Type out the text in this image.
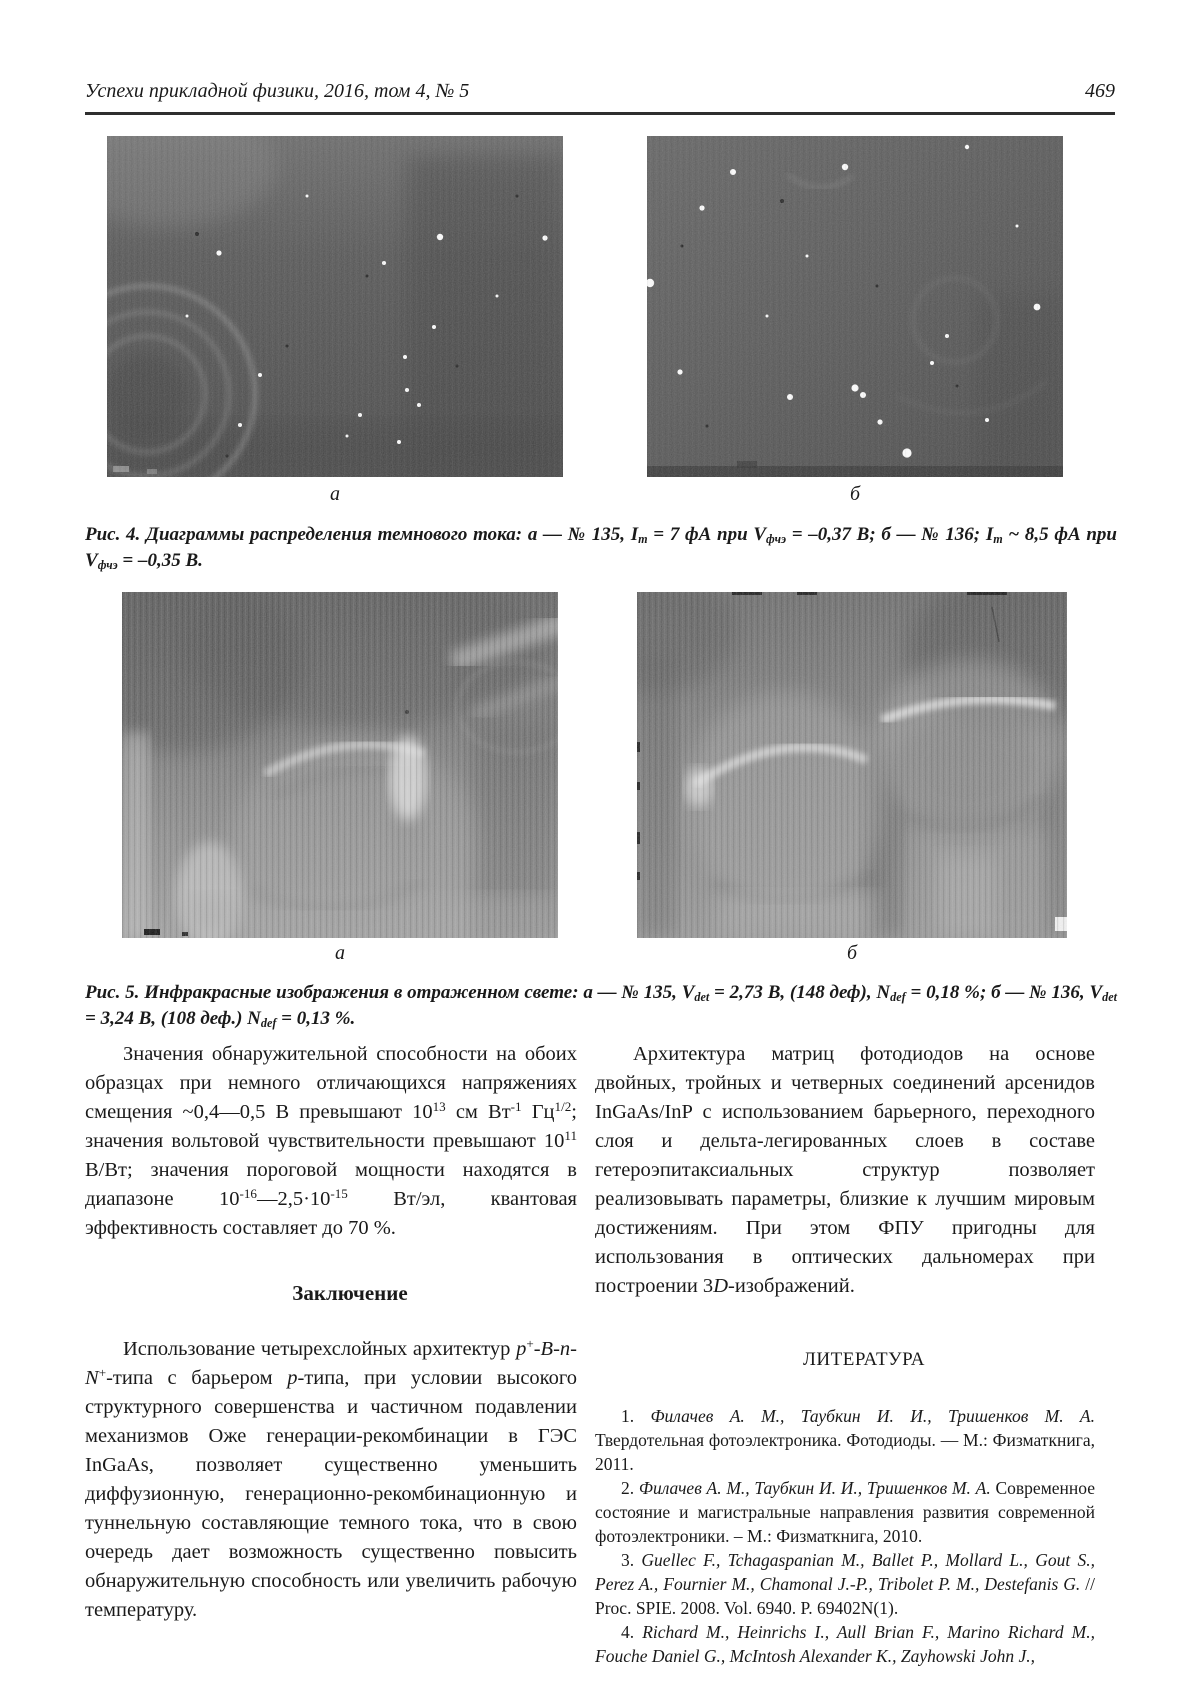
Успехи прикладной физики, 2016, том 4, № 5	469
а	б
Рис. 4. Диаграммы распределения темнового тока: а — № 135, Im = 7 фА при Vфчэ = –0,37 В; б — № 136; Im ~ 8,5 фА при Vфчэ = –0,35 В.
а	б
Рис. 5. Инфракрасные изображения в отраженном свете: а — № 135, Vdet = 2,73 В, (148 деф), Ndef = 0,18 %; б — № 136, Vdet = 3,24 В, (108 деф.) Ndef = 0,13 %.

Значения обнаружительной способности на обоих образцах при немного отличающихся напряжениях смещения ~0,4—0,5 В превышают $10^{13}$ см $Вт^{-1}$ $Гц^{1/2}$; значения вольтовой чувствительности превышают $10^{11}$ В/Вт; значения пороговой мощности находятся в диапазоне $10^{-16}—2,5\cdot 10^{-15}$ Вт/эл, квантовая эффективность составляет до 70 %.

Заключение

Использование четырехслойных архитектур p+-B-n-N+-типа с барьером p-типа, при условии высокого структурного совершенства и частичном подавлении механизмов Оже генерации-рекомбинации в ГЭС InGaAs, позволяет существенно уменьшить диффузионную, генерационно-рекомбинационную и туннельную составляющие темного тока, что в свою очередь дает возможность существенно повысить обнаружительную способность или увеличить рабочую температуру.

Архитектура матриц фотодиодов на основе двойных, тройных и четверных соединений арсенидов InGaAs/InP с использованием барьерного, переходного слоя и дельта-легированных слоев в составе гетероэпитаксиальных структур позволяет реализовывать параметры, близкие к лучшим мировым достижениям. При этом ФПУ пригодны для использования в оптических дальномерах при построении 3D-изображений.

ЛИТЕРАТУРА

1. Филачев А. М., Таубкин И. И., Тришенков М. А. Твердотельная фотоэлектроника. Фотодиоды. — М.: Физматкнига, 2011.

2. Филачев А. М., Таубкин И. И., Тришенков М. А. Современное состояние и магистральные направления развития современной фотоэлектроники. – М.: Физматкнига, 2010.

3. Guellec F., Tchagaspanian M., Ballet P., Mollard L., Gout S., Perez A., Fournier M., Chamonal J.-P., Tribolet P. M., Destefanis G. // Proc. SPIE. 2008. Vol. 6940. P. 69402N(1).

4. Richard M., Heinrichs I., Aull Brian F., Marino Richard M., Fouche Daniel G., McIntosh Alexander K., Zayhowski John J.,
